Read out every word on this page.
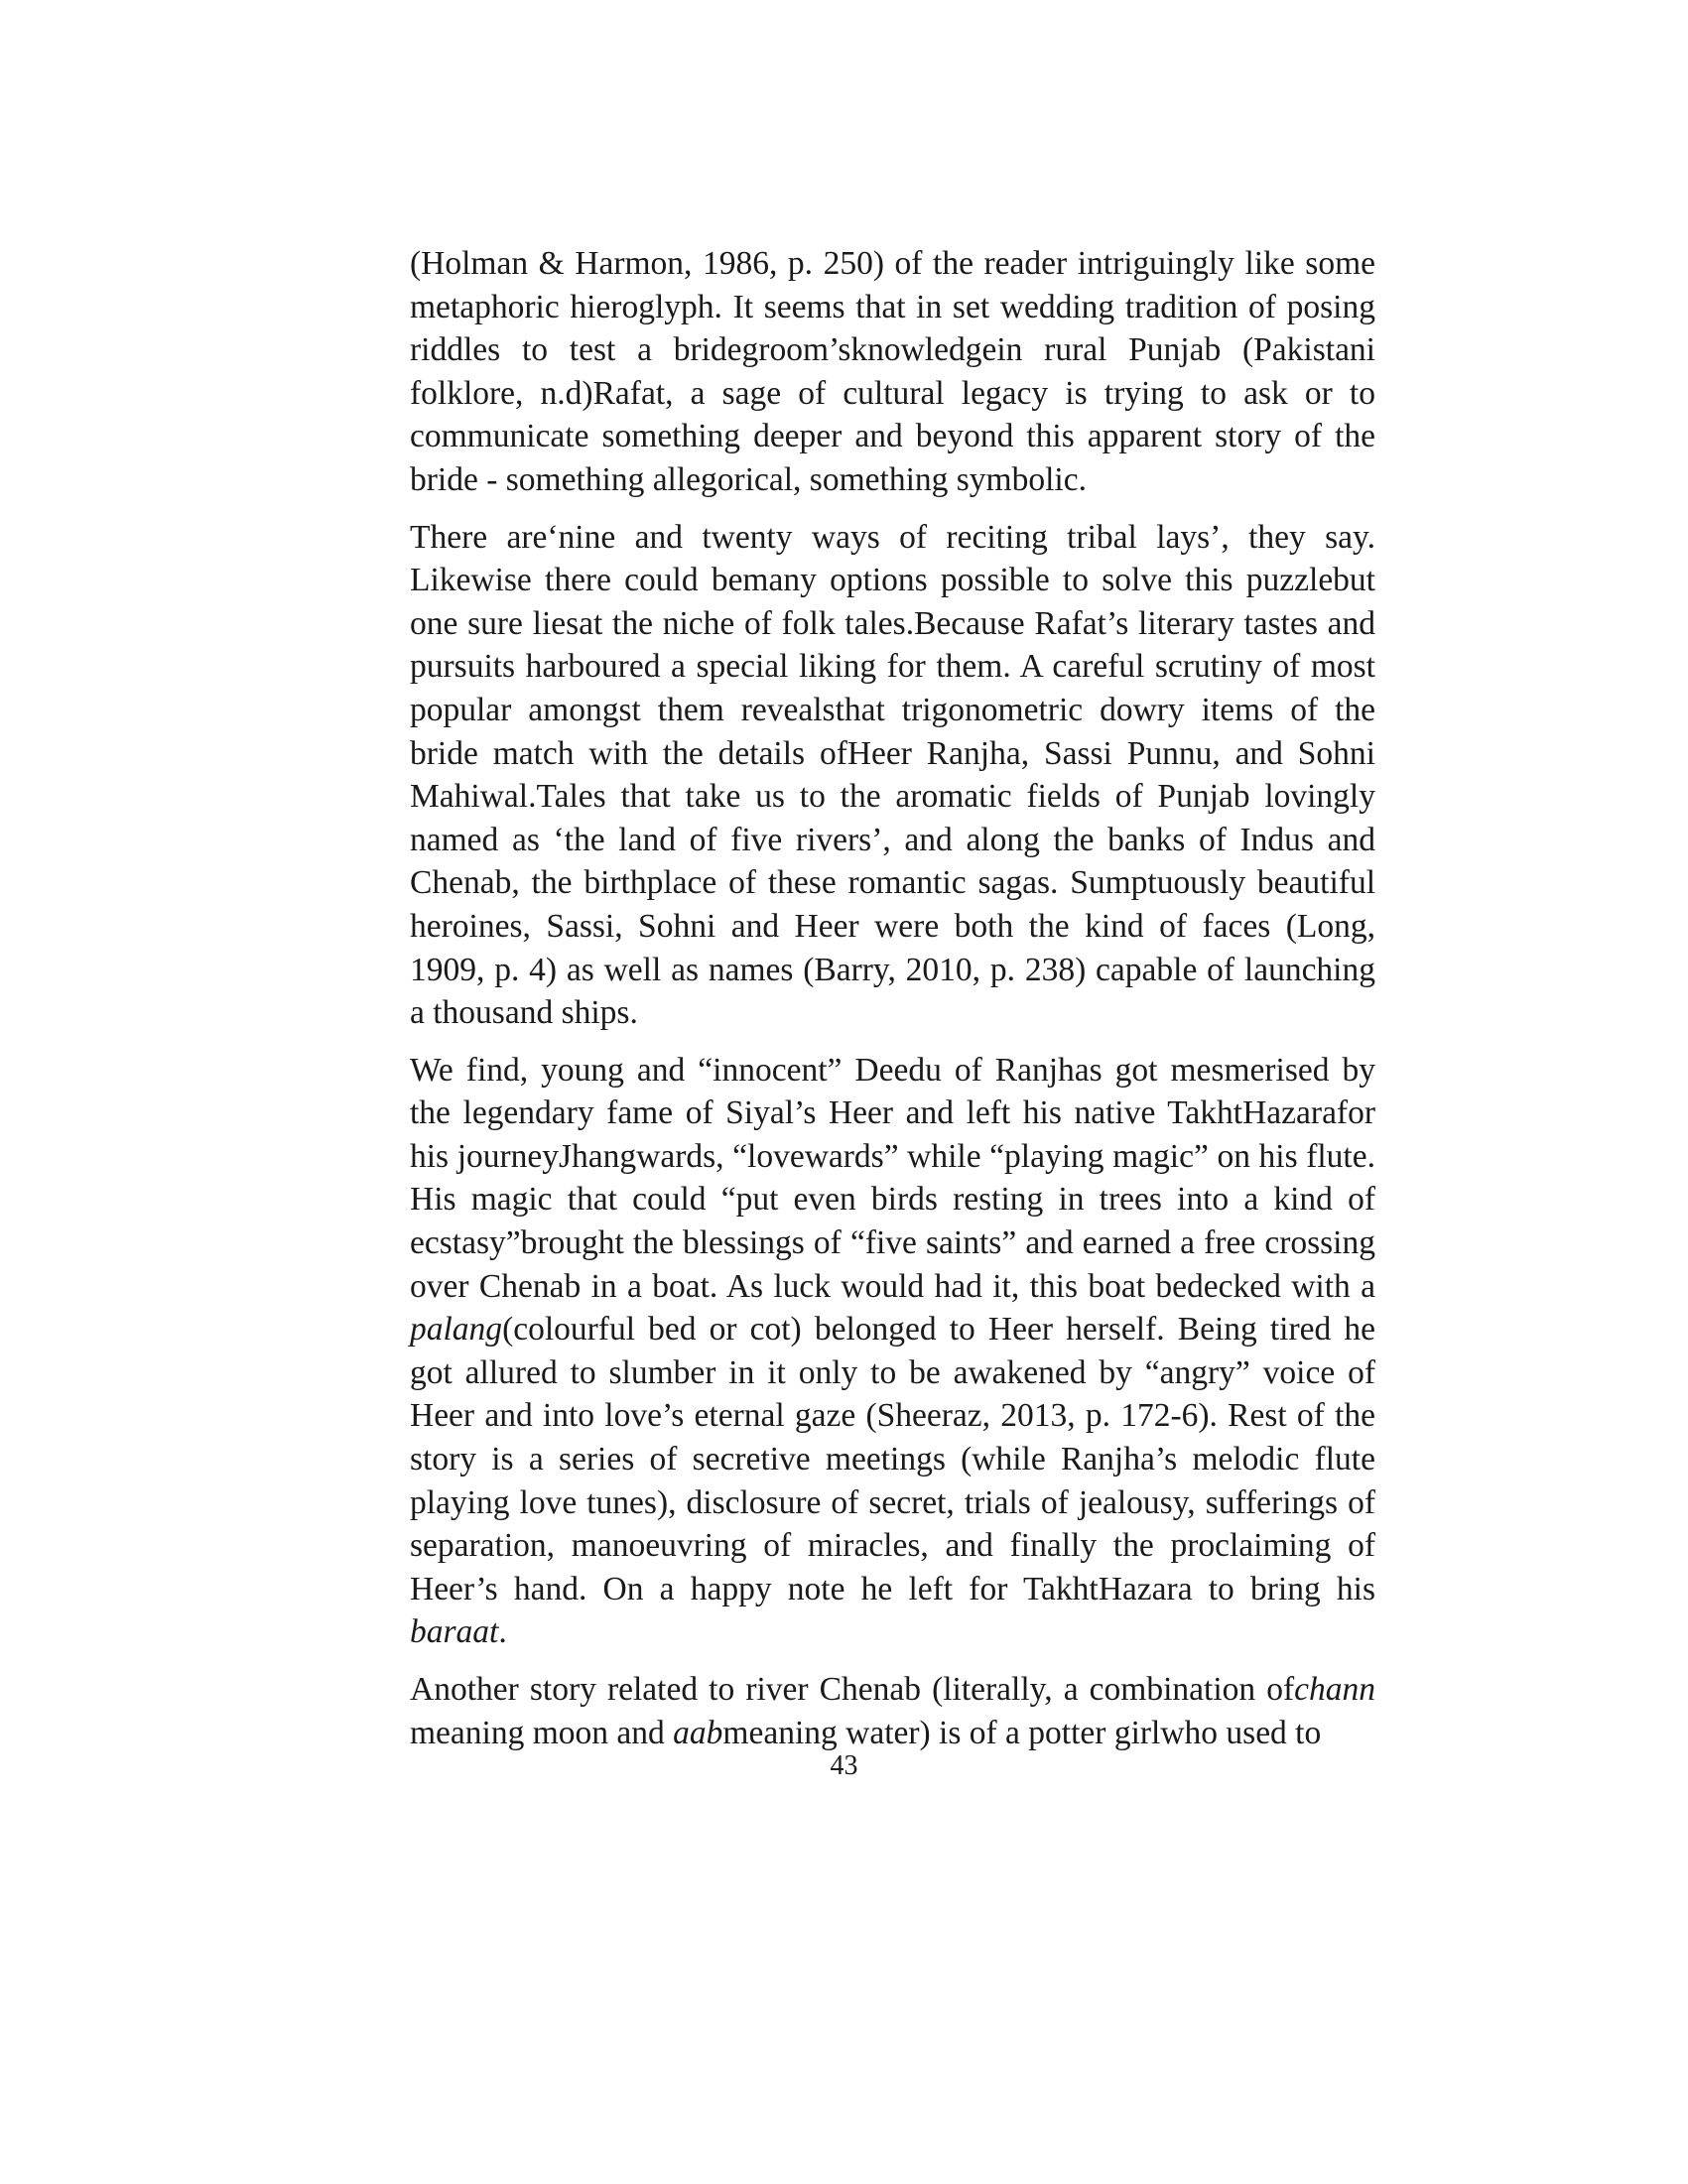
(Holman & Harmon, 1986, p. 250) of the reader intriguingly like some metaphoric hieroglyph. It seems that in set wedding tradition of posing riddles to test a bridegroom’sknowledgein rural Punjab (Pakistani folklore, n.d)Rafat, a sage of cultural legacy is trying to ask or to communicate something deeper and beyond this apparent story of the bride - something allegorical, something symbolic.

There are‘nine and twenty ways of reciting tribal lays’, they say. Likewise there could bemany options possible to solve this puzzlebut one sure liesat the niche of folk tales.Because Rafat’s literary tastes and pursuits harboured a special liking for them. A careful scrutiny of most popular amongst them revealsthat trigonometric dowry items of the bride match with the details ofHeer Ranjha, Sassi Punnu, and Sohni Mahiwal.Tales that take us to the aromatic fields of Punjab lovingly named as ‘the land of five rivers’, and along the banks of Indus and Chenab, the birthplace of these romantic sagas. Sumptuously beautiful heroines, Sassi, Sohni and Heer were both the kind of faces (Long, 1909, p. 4) as well as names (Barry, 2010, p. 238) capable of launching a thousand ships.

We find, young and “innocent” Deedu of Ranjhas got mesmerised by the legendary fame of Siyal’s Heer and left his native TakhtHazarafor his journeyJhangwards, “lovewards” while “playing magic” on his flute. His magic that could “put even birds resting in trees into a kind of ecstasy”brought the blessings of “five saints” and earned a free crossing over Chenab in a boat. As luck would had it, this boat bedecked with a palang(colourful bed or cot) belonged to Heer herself. Being tired he got allured to slumber in it only to be awakened by “angry” voice of Heer and into love’s eternal gaze (Sheeraz, 2013, p. 172-6). Rest of the story is a series of secretive meetings (while Ranjha’s melodic flute playing love tunes), disclosure of secret, trials of jealousy, sufferings of separation, manoeuvring of miracles, and finally the proclaiming of Heer’s hand. On a happy note he left for TakhtHazara to bring his baraat.

Another story related to river Chenab (literally, a combination ofchann meaning moon and aabmeaning water) is of a potter girlwho used to

43
